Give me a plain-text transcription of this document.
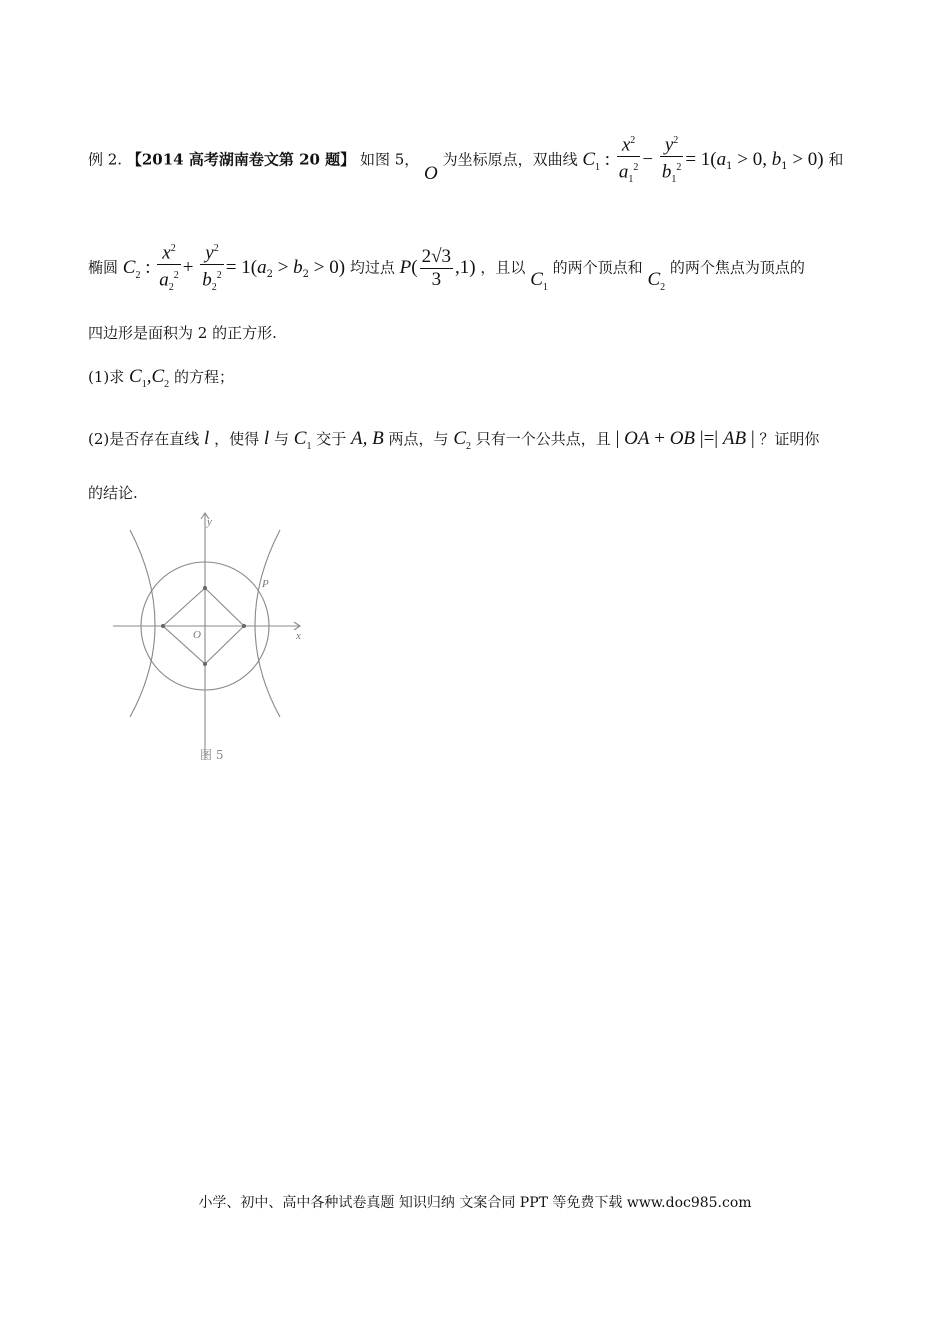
例 2. 【2014 高考湖南卷文第 20 题】 如图 5， O 为坐标原点，双曲线 $C_1$ : $\frac{x^2}{a_1^2} - \frac{y^2}{b_1^2} = 1(a_1 > 0$, $b_1 > 0$) 和
椭圆 $C_2$ : $\frac{x^2}{a_2^2} + \frac{y^2}{b_2^2} = 1(a_2 > b_2 > 0)$ 均过点 $P( \frac{2√3}{3} ,1)$ ，且以 $C_1$ 的两个顶点和 $C_2$ 的两个焦点为顶点的
四边形是面积为 2 的正方形.
(1)求 $C_1,C_2$ 的方程；
(2)是否存在直线 l ，使得 l 与 $C_1$ 交于 A, B 两点，与 $C_2$ 只有一个公共点，且 | OA + OB |=| AB | ？证明你
的结论.
y
x
O
P
图 5
小学、初中、高中各种试卷真题 知识归纳 文案合同 PPT 等免费下载 www.doc985.com
